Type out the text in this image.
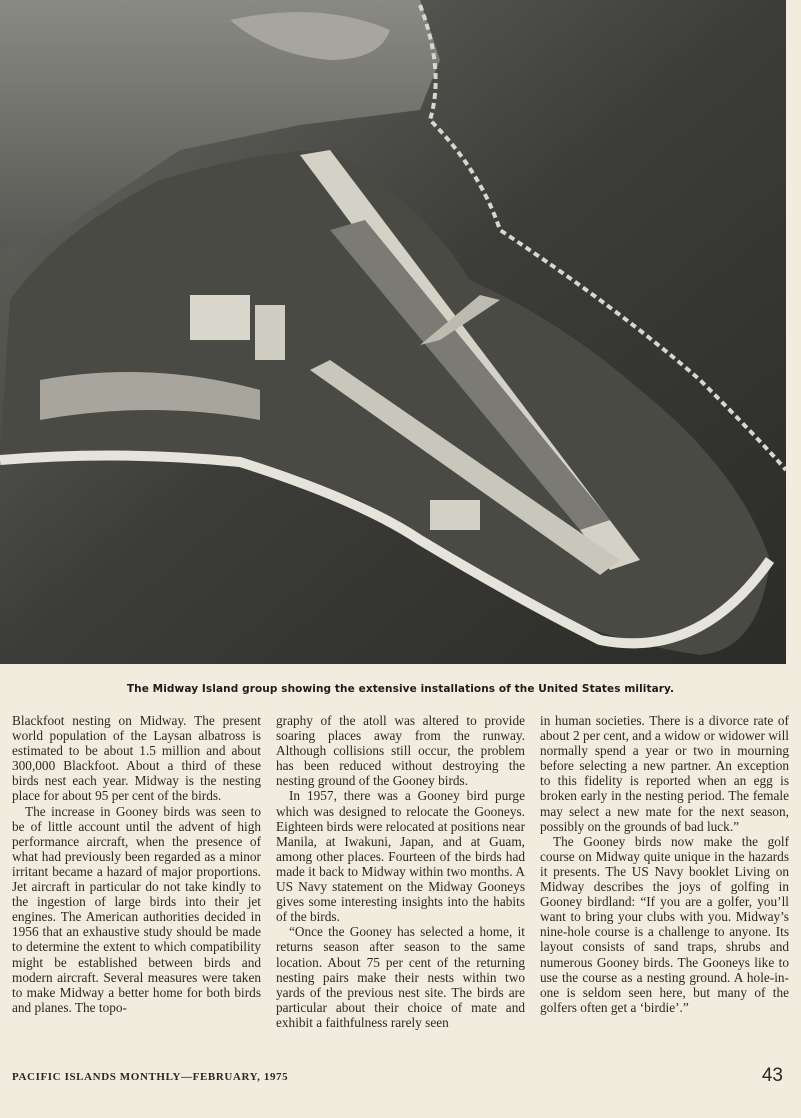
The Midway Island group showing the extensive installations of the United States military.

Blackfoot nesting on Midway. The present world population of the Laysan albatross is estimated to be about 1.5 million and about 300,000 Blackfoot. About a third of these birds nest each year. Midway is the nesting place for about 95 per cent of the birds.

The increase in Gooney birds was seen to be of little account until the advent of high performance aircraft, when the presence of what had previously been regarded as a minor irritant became a hazard of major proportions. Jet aircraft in particular do not take kindly to the ingestion of large birds into their jet engines. The American authorities decided in 1956 that an exhaustive study should be made to determine the extent to which compatibility might be established between birds and modern aircraft. Several measures were taken to make Midway a better home for both birds and planes. The topo-

graphy of the atoll was altered to provide soaring places away from the runway. Although collisions still occur, the problem has been reduced without destroying the nesting ground of the Gooney birds.

In 1957, there was a Gooney bird purge which was designed to relocate the Gooneys. Eighteen birds were relocated at positions near Manila, at Iwakuni, Japan, and at Guam, among other places. Fourteen of the birds had made it back to Midway within two months. A US Navy statement on the Midway Gooneys gives some interesting insights into the habits of the birds.

“Once the Gooney has selected a home, it returns season after season to the same location. About 75 per cent of the returning nesting pairs make their nests within two yards of the previous nest site. The birds are particular about their choice of mate and exhibit a faithfulness rarely seen

in human societies. There is a divorce rate of about 2 per cent, and a widow or widower will normally spend a year or two in mourning before selecting a new partner. An exception to this fidelity is reported when an egg is broken early in the nesting period. The female may select a new mate for the next season, possibly on the grounds of bad luck.”

The Gooney birds now make the golf course on Midway quite unique in the hazards it presents. The US Navy booklet Living on Midway describes the joys of golfing in Gooney birdland: “If you are a golfer, you’ll want to bring your clubs with you. Midway’s nine-hole course is a challenge to anyone. Its layout consists of sand traps, shrubs and numerous Gooney birds. The Gooneys like to use the course as a nesting ground. A hole-in-one is seldom seen here, but many of the golfers often get a ‘birdie’.”

PACIFIC ISLANDS MONTHLY—FEBRUARY, 1975	43
